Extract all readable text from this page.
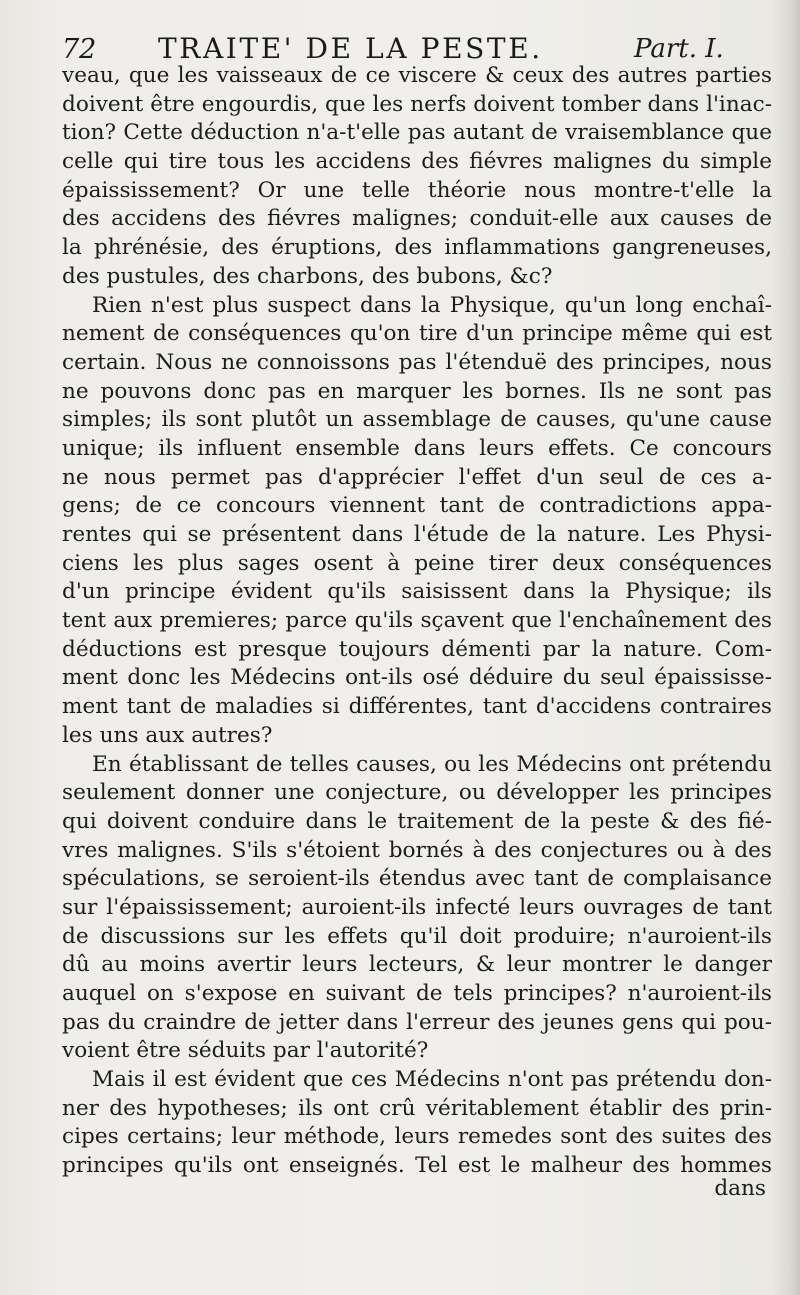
72 TRAITE' DE LA PESTE.	Part. I.
veau, que les vaisseaux de ce viscere & ceux des autres parties
doivent être engourdis, que les nerfs doivent tomber dans l'inac-
tion? Cette déduction n'a-t'elle pas autant de vraisemblance que
celle qui tire tous les accidens des fiévres malignes du simple
épaississement? Or une telle théorie nous montre-t'elle la
des accidens des fiévres malignes; conduit-elle aux causes de
la phrénésie, des éruptions, des inflammations gangreneuses,
des pustules, des charbons, des bubons, &c?
Rien n'est plus suspect dans la Physique, qu'un long enchaî-
nement de conséquences qu'on tire d'un principe même qui est
certain. Nous ne connoissons pas l'étenduë des principes, nous
ne pouvons donc pas en marquer les bornes. Ils ne sont pas
simples; ils sont plutôt un assemblage de causes, qu'une cause
unique; ils influent ensemble dans leurs effets. Ce concours
ne nous permet pas d'apprécier l'effet d'un seul de ces a-
gens; de ce concours viennent tant de contradictions appa-
rentes qui se présentent dans l'étude de la nature. Les Physi-
ciens les plus sages osent à peine tirer deux conséquences
d'un principe évident qu'ils saisissent dans la Physique; ils
tent aux premieres; parce qu'ils sçavent que l'enchaînement des
déductions est presque toujours démenti par la nature. Com-
ment donc les Médecins ont-ils osé déduire du seul épaississe-
ment tant de maladies si différentes, tant d'accidens contraires
les uns aux autres?
En établissant de telles causes, ou les Médecins ont prétendu
seulement donner une conjecture, ou développer les principes
qui doivent conduire dans le traitement de la peste & des fié-
vres malignes. S'ils s'étoient bornés à des conjectures ou à des
spéculations, se seroient-ils étendus avec tant de complaisance
sur l'épaississement; auroient-ils infecté leurs ouvrages de tant
de discussions sur les effets qu'il doit produire; n'auroient-ils
dû au moins avertir leurs lecteurs, & leur montrer le danger
auquel on s'expose en suivant de tels principes? n'auroient-ils
pas du craindre de jetter dans l'erreur des jeunes gens qui pou-
voient être séduits par l'autorité?
Mais il est évident que ces Médecins n'ont pas prétendu don-
ner des hypotheses; ils ont crû véritablement établir des prin-
cipes certains; leur méthode, leurs remedes sont des suites des
principes qu'ils ont enseignés. Tel est le malheur des hommes
dans
